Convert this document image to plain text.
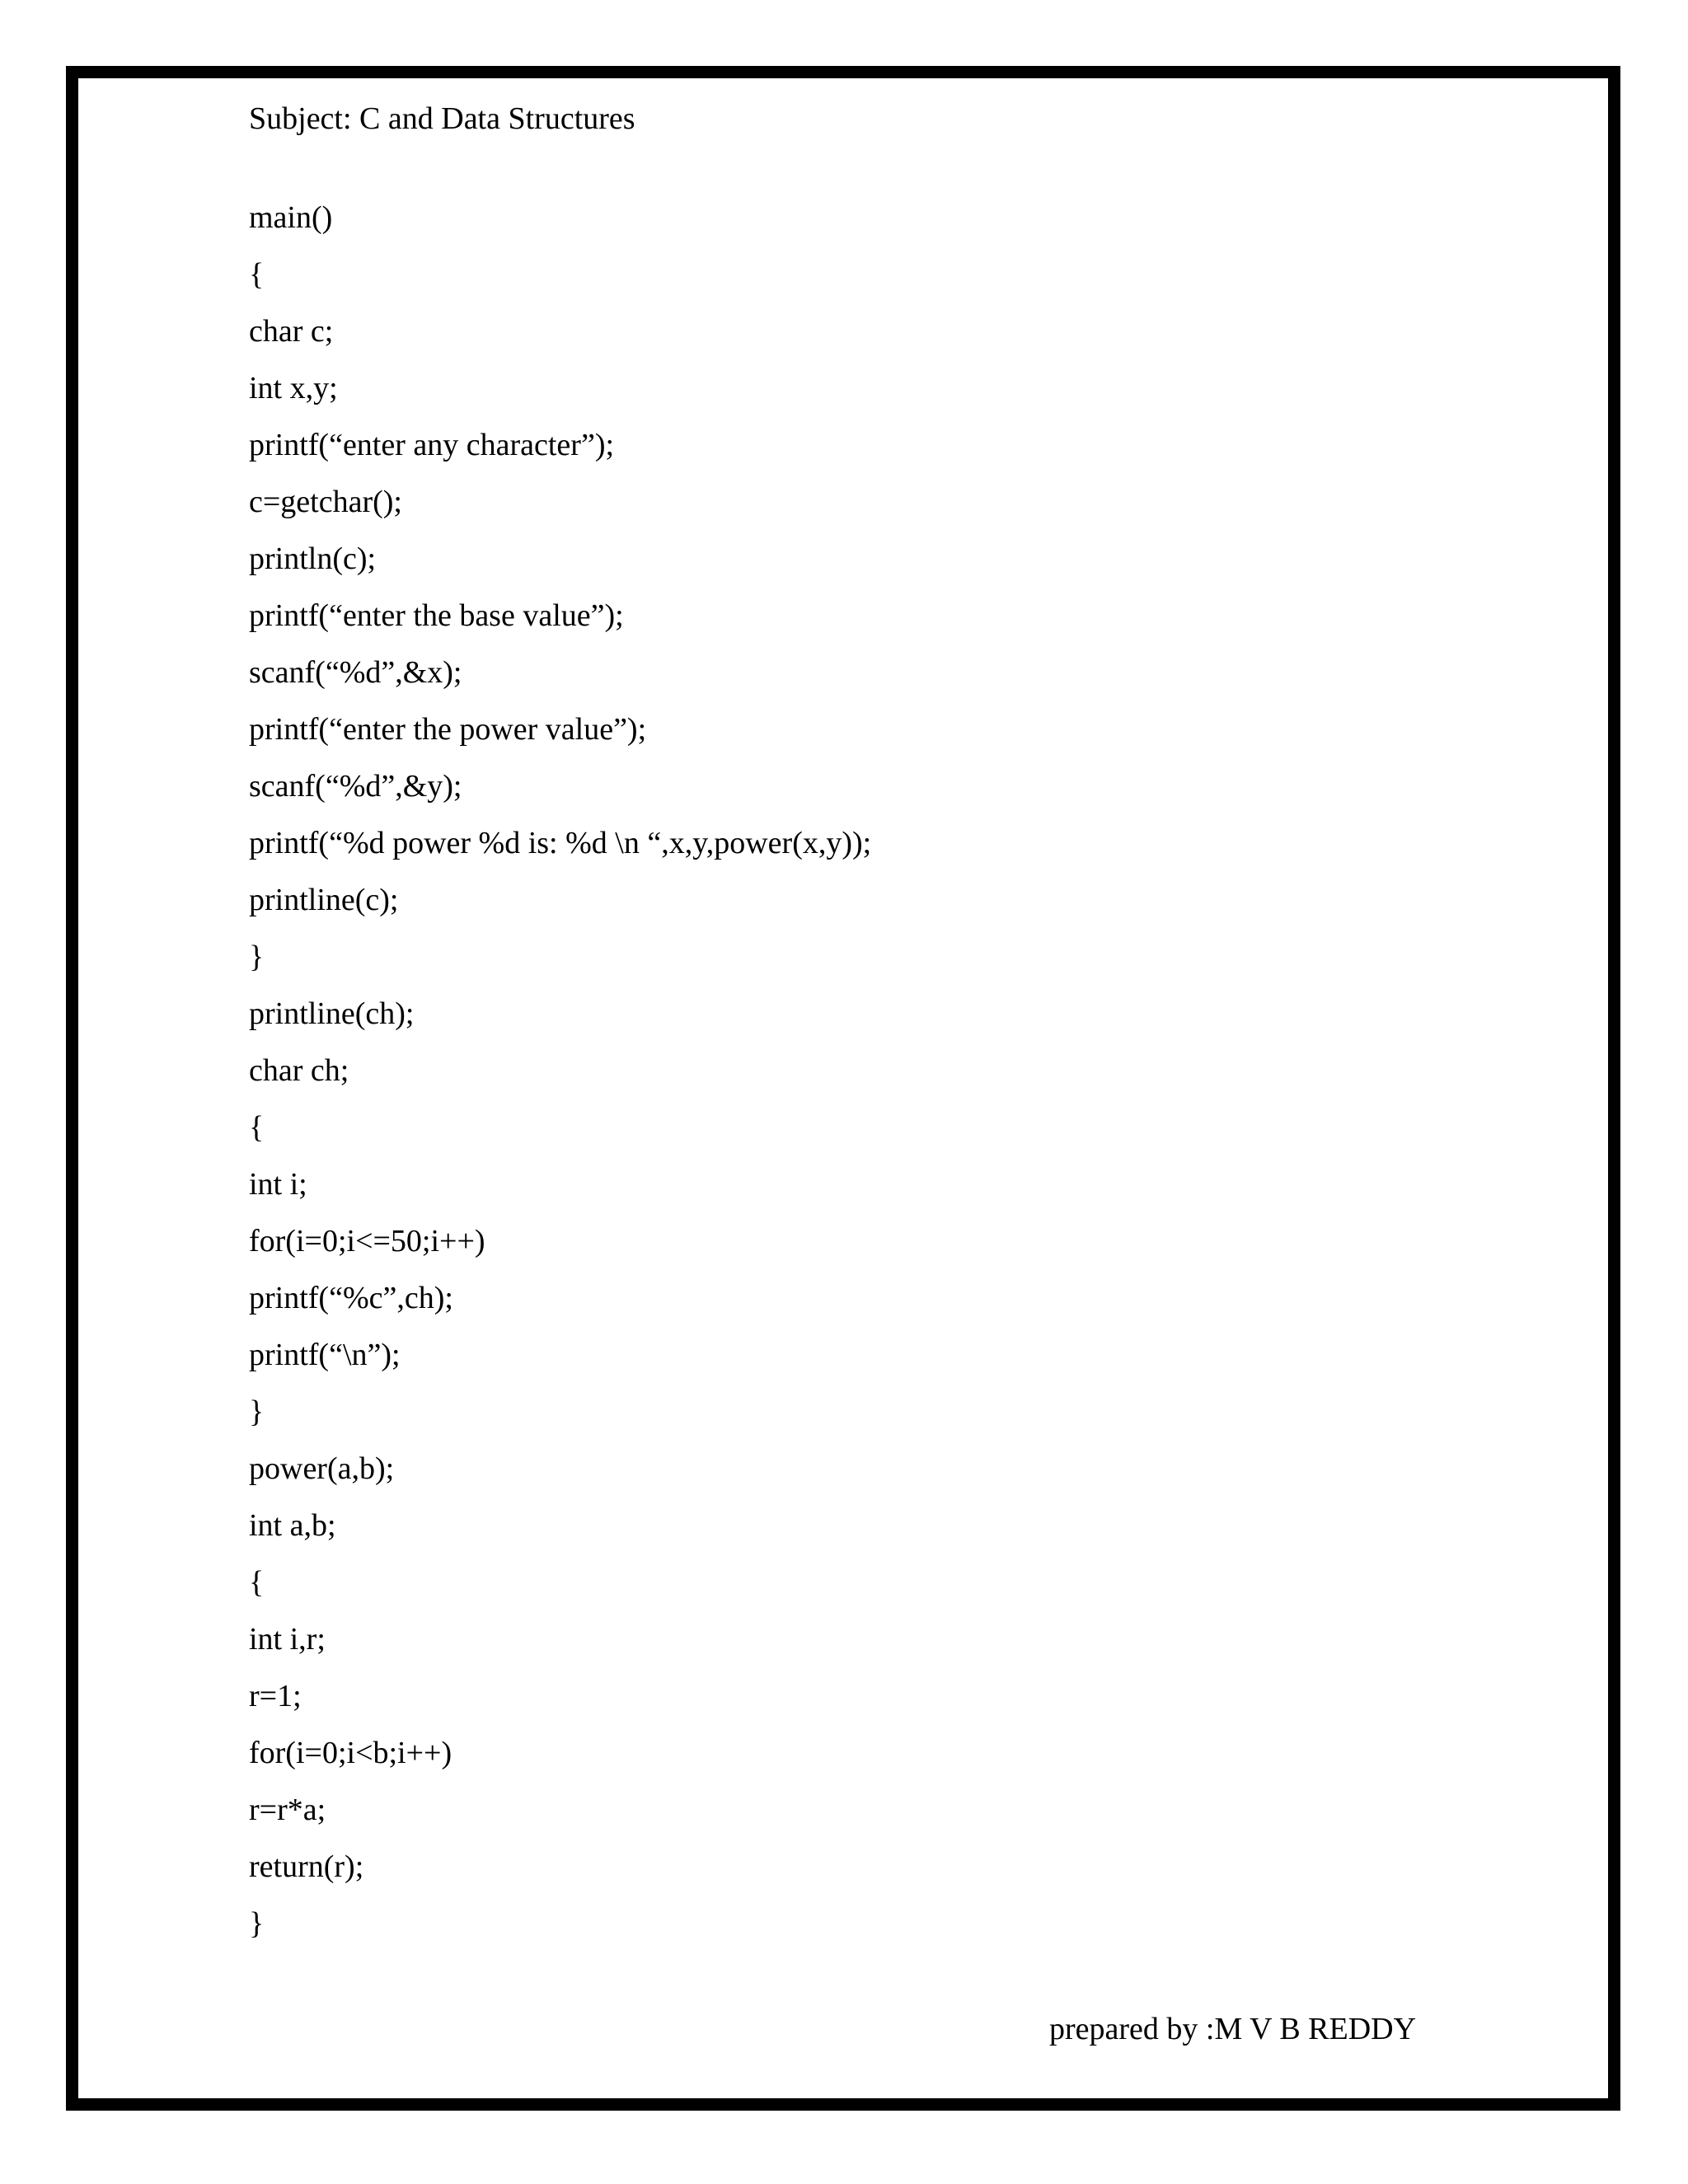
Subject: C and Data Structures
main()
{
char c;
int x,y;
printf(“enter any character”);
c=getchar();
println(c);
printf(“enter the base value”);
scanf(“%d”,&x);
printf(“enter the power value”);
scanf(“%d”,&y);
printf(“%d power %d is: %d \n “,x,y,power(x,y));
printline(c);
}
printline(ch);
char ch;
{
int i;
for(i=0;i<=50;i++)
printf(“%c”,ch);
printf(“\n”);
}
power(a,b);
int a,b;
{
int i,r;
r=1;
for(i=0;i<b;i++)
r=r*a;
return(r);
}
prepared by :M V B REDDY
